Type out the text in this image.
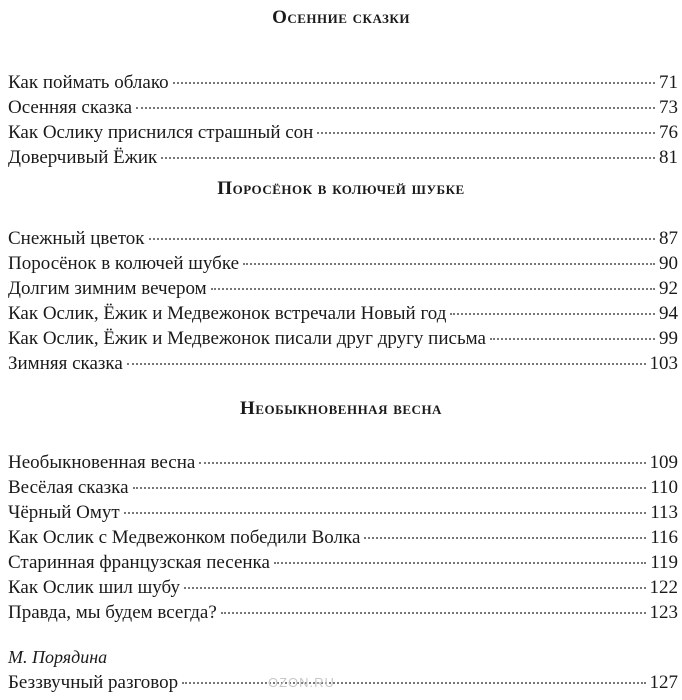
Осенние сказки
Как поймать облако	71
Осенняя сказка	73
Как Ослику приснился страшный сон	76
Доверчивый Ёжик	81
Поросёнок в колючей шубке
Снежный цветок	87
Поросёнок в колючей шубке	90
Долгим зимним вечером	92
Как Ослик, Ёжик и Медвежонок встречали Новый год	94
Как Ослик, Ёжик и Медвежонок писали друг другу письма	99
Зимняя сказка	103
Необыкновенная весна
Необыкновенная весна	109
Весёлая сказка	110
Чёрный Омут	113
Как Ослик с Медвежонком победили Волка	116
Старинная французская песенка	119
Как Ослик шил шубу	122
Правда, мы будем всегда?	123
М. Порядина
Беззвучный разговор	127
OZON.RU
